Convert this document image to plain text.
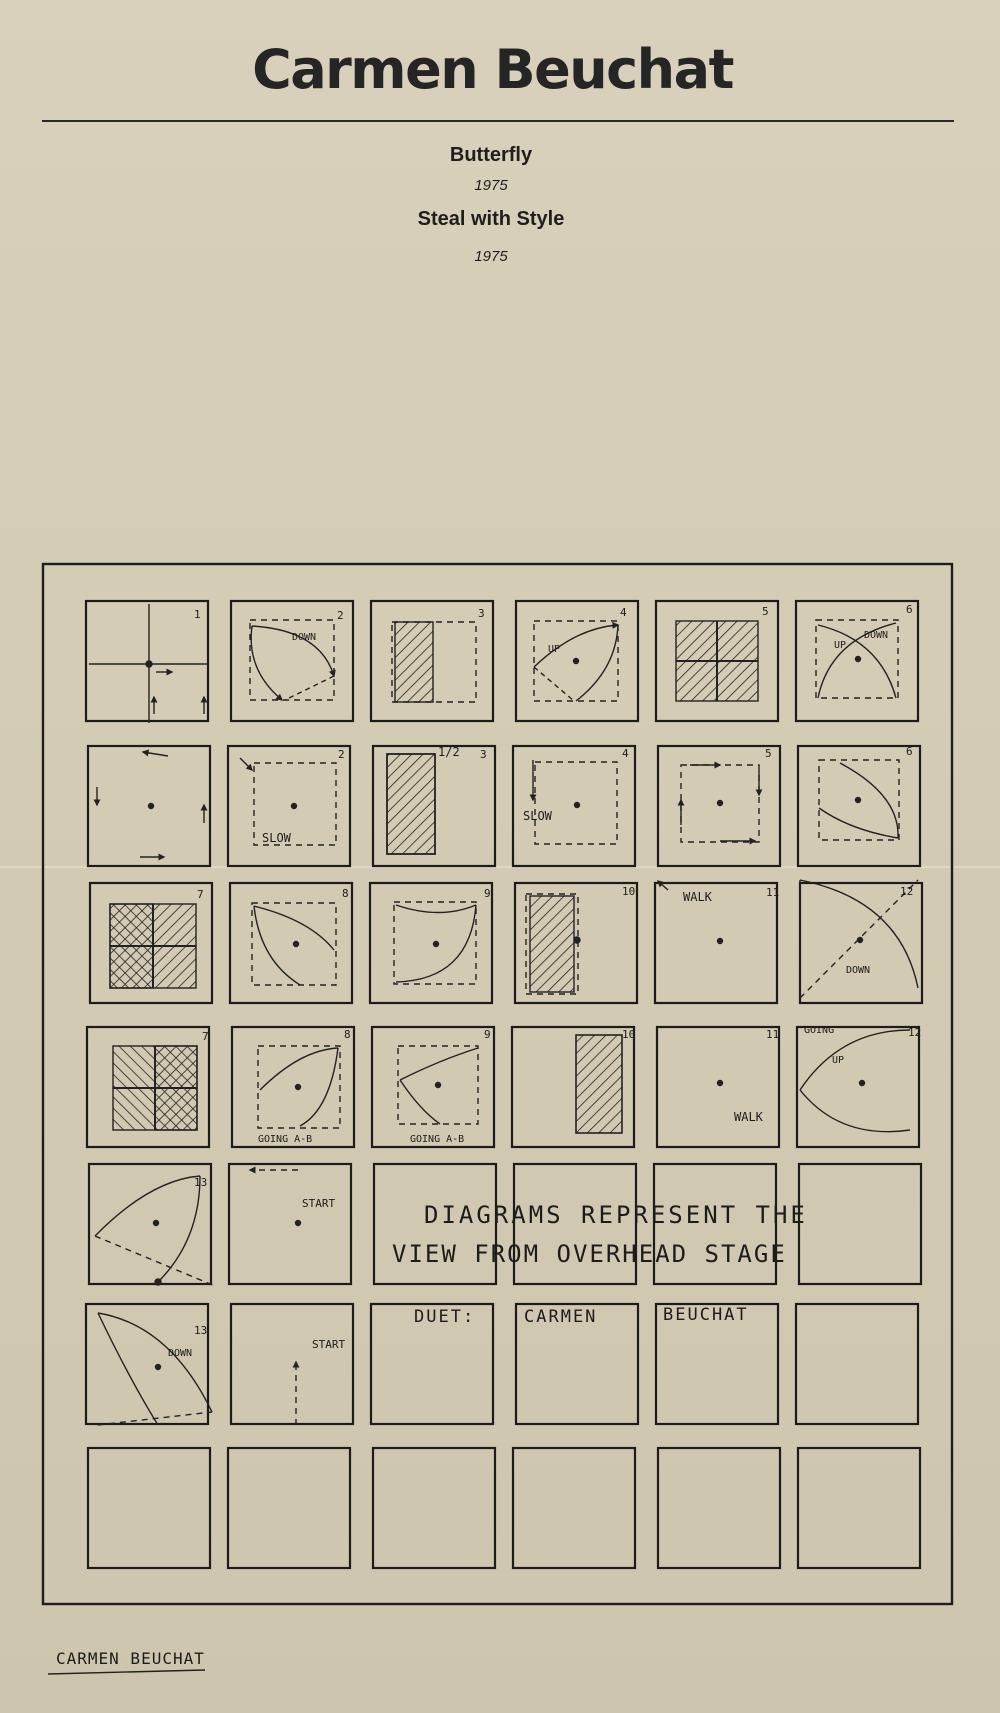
Carmen Beuchat
Butterfly
1975
Steal with Style
1975
SLOW
SLOW
1/2
WALK
WALK
START
START
GOING
GOING A-B	GOING A-B
DOWN	DOWN
DOWN
DOWN
UP	UP
UP
DIAGRAMS REPRESENT THE
VIEW FROM OVERHEAD STAGE
DUET:	CARMEN	BEUCHAT
CARMEN BEUCHAT
1	2	3	4	5	6
2	3	4	5	6
7	8	9	10	11	12
7	8	9	10	11	12
13
13
